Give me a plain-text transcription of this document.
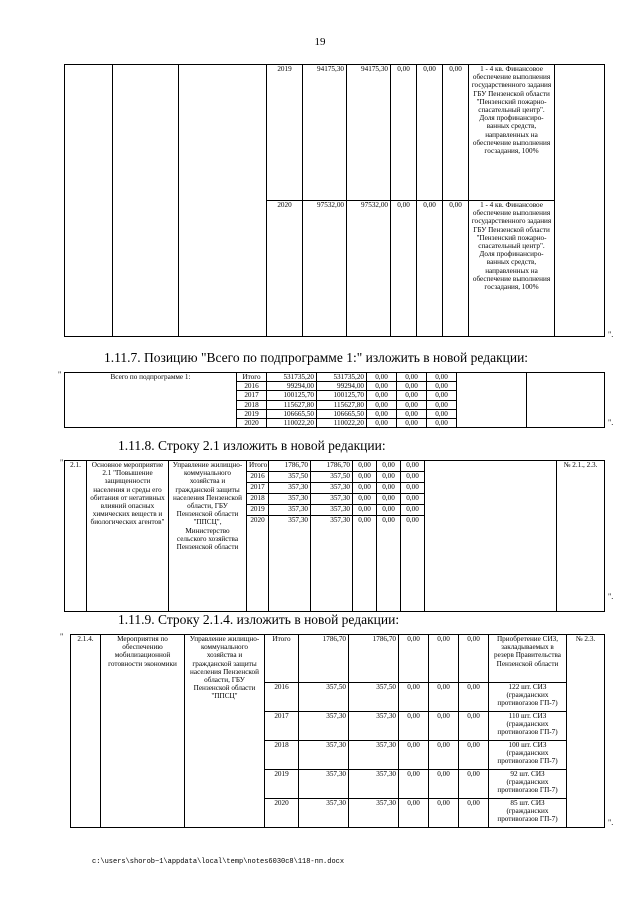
19
			2019	94175,30	94175,30	0,00	0,00	0,00	1 - 4 кв. Финансовое обеспечение выполнения государственного задания ГБУ Пензенской области "Пензенский пожарно-спасательный центр". Доля профинансиро-ванных средств, направленных на обеспечение выполнения госзадания, 100%	
			2020	97532,00	97532,00	0,00	0,00	0,00	1 - 4 кв. Финансовое обеспечение выполнения государственного задания ГБУ Пензенской области "Пензенский пожарно-спасательный центр". Доля профинансиро-ванных средств, направленных на обеспечение выполнения госзадания, 100%	
".
1.11.7. Позицию "Всего по подпрограмме 1:" изложить в новой редакции:
"	Всего по подпрограмме 1:	Итого	531735,20	531735,20	0,00	0,00	0,00		
	2016	99294,00	99294,00	0,00	0,00	0,00		
	2017	100125,70	100125,70	0,00	0,00	0,00		
	2018	115627,80	115627,80	0,00	0,00	0,00		
	2019	106665,50	106665,50	0,00	0,00	0,00		
	2020	110022,20	110022,20	0,00	0,00	0,00			".
1.11.8. Строку 2.1 изложить в новой редакции:
" 2.1.	Основное мероприятие 2.1 "Повышение защищенности населения и среды его обитания от негативных влияний опасных химических веществ и биологических агентов"	Управление жилищно-коммунального хозяйства и гражданской защиты населения Пензенской области, ГБУ Пензенской области "ППСЦ", Министерство сельского хозяйства Пензенской области	Итого	1786,70	1786,70	0,00	0,00	0,00		№ 2.1., 2.3.
			2016	357,50	357,50	0,00	0,00	0,00		
			2017	357,30	357,30	0,00	0,00	0,00		
			2018	357,30	357,30	0,00	0,00	0,00		
			2019	357,30	357,30	0,00	0,00	0,00		
			2020	357,30	357,30	0,00	0,00	0,00		
".
1.11.9. Строку 2.1.4. изложить в новой редакции:
" 2.1.4.	Мероприятия по обеспечению мобилизационной готовности экономики	Управление жилищно-коммунального хозяйства и гражданской защиты населения Пензенской области, ГБУ Пензенской области "ППСЦ"	Итого	1786,70	1786,70	0,00	0,00	0,00	Приобретение СИЗ, закладываемых в резерв Правительства Пензенской области	№ 2.3.
			2016	357,50	357,50	0,00	0,00	0,00	122 шт. СИЗ (гражданских противогазов ГП-7)	
			2017	357,30	357,30	0,00	0,00	0,00	110 шт. СИЗ (гражданских противогазов ГП-7)	
			2018	357,30	357,30	0,00	0,00	0,00	100 шт. СИЗ (гражданских противогазов ГП-7)	
			2019	357,30	357,30	0,00	0,00	0,00	92 шт. СИЗ (гражданских противогазов ГП-7)	
			2020	357,30	357,30	0,00	0,00	0,00	85 шт. СИЗ (гражданских противогазов ГП-7)		".
c:\users\shorob~1\appdata\local\temp\notes6030c8\118-пп.docx
